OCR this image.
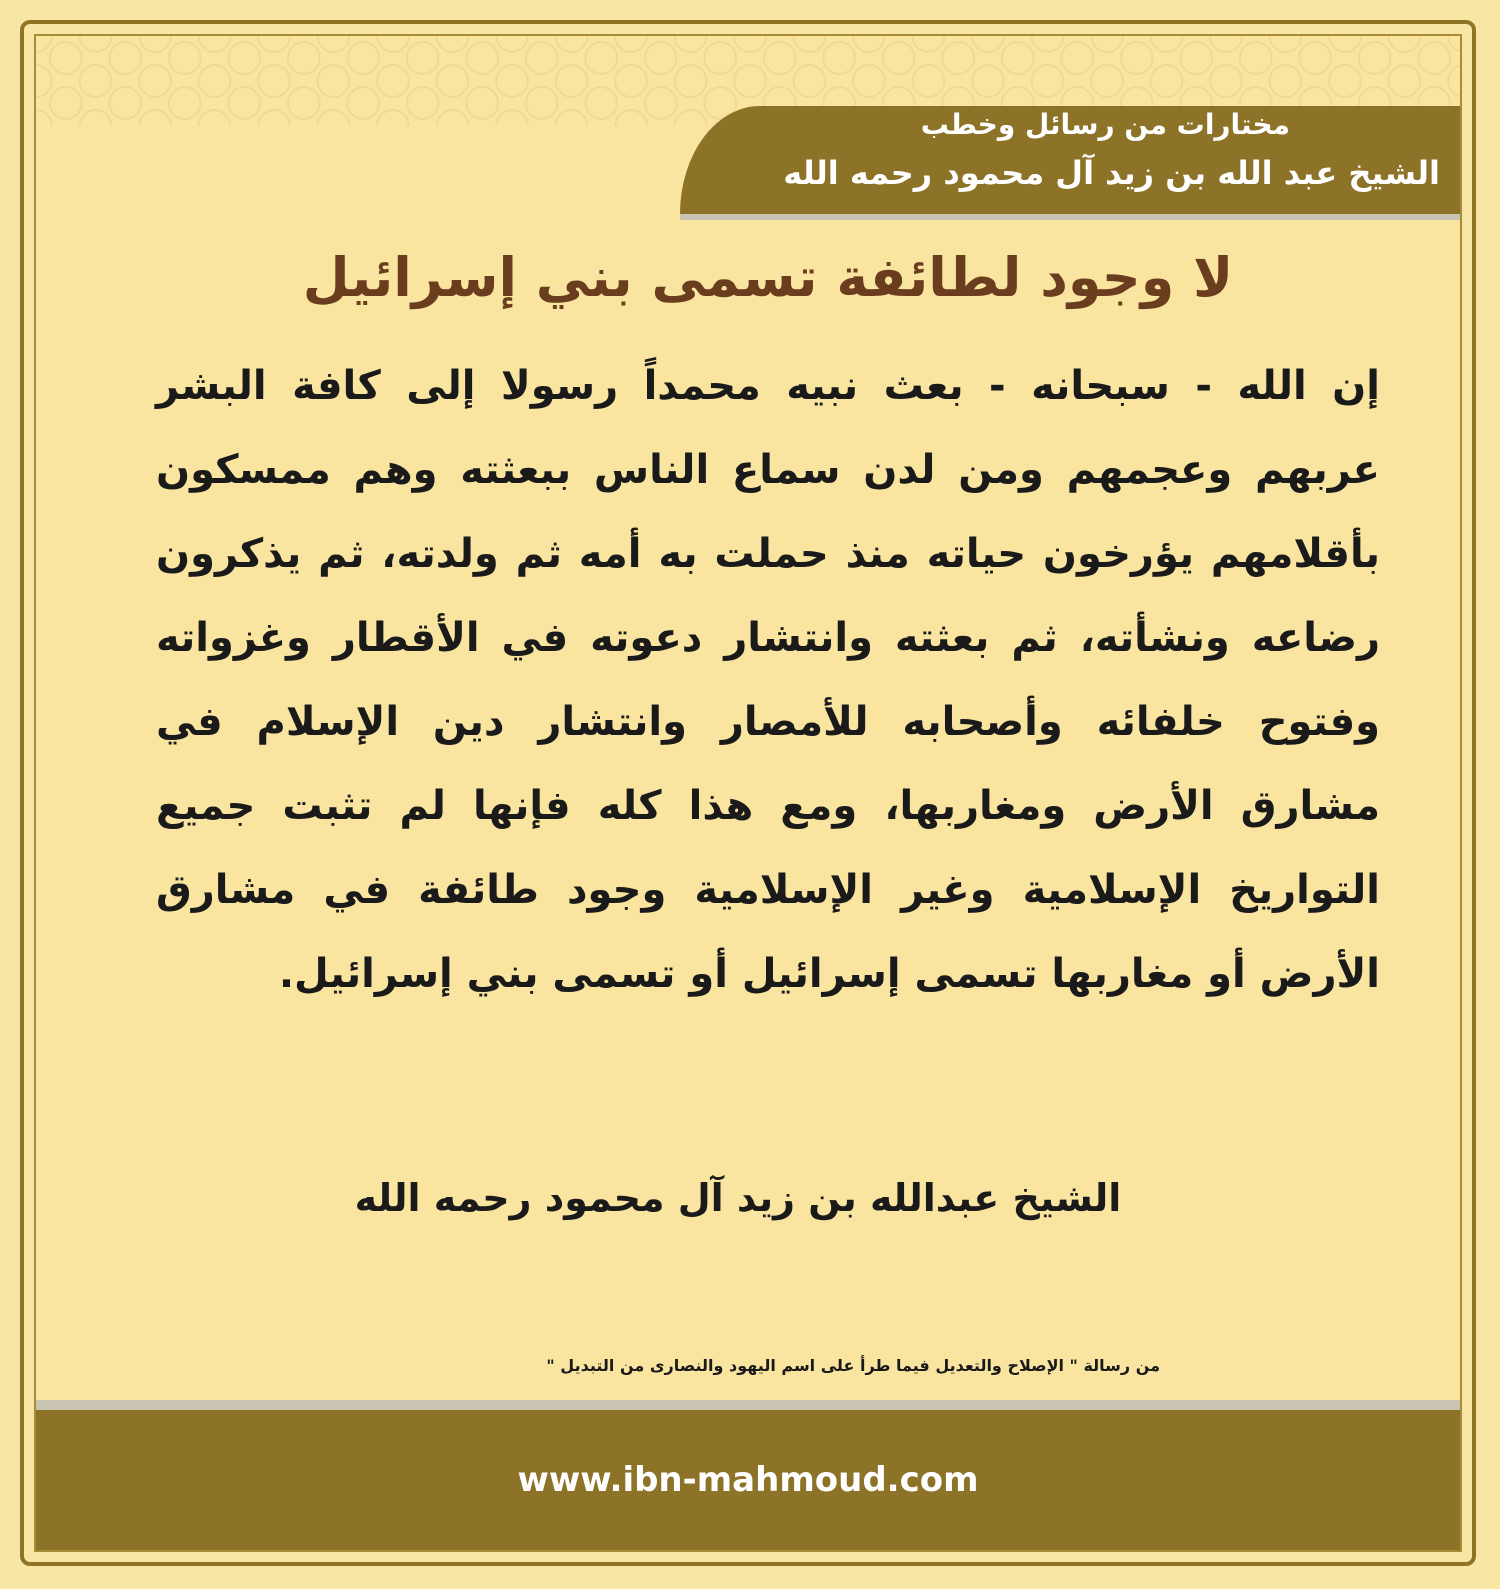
مختارات من رسائل وخطب
الشيخ عبد الله بن زيد آل محمود رحمه الله
لا وجود لطائفة تسمى بني إسرائيل
إن الله - سبحانه - بعث نبيه محمداً رسولا إلى كافة البشر عربهم وعجمهم ومن لدن سماع الناس ببعثته وهم ممسكون بأقلامهم يؤرخون حياته منذ حملت به أمه ثم ولدته، ثم يذكرون رضاعه ونشأته، ثم بعثته وانتشار دعوته في الأقطار وغزواته وفتوح خلفائه وأصحابه للأمصار وانتشار دين الإسلام في مشارق الأرض ومغاربها، ومع هذا كله فإنها لم تثبت جميع التواريخ الإسلامية وغير الإسلامية وجود طائفة في مشارق الأرض أو مغاربها تسمى إسرائيل أو تسمى بني إسرائيل.
الشيخ عبدالله بن زيد آل محمود رحمه الله
من رسالة " الإصلاح والتعديل فيما طرأ على اسم اليهود والنصارى من التبديل "
www.ibn-mahmoud.com
